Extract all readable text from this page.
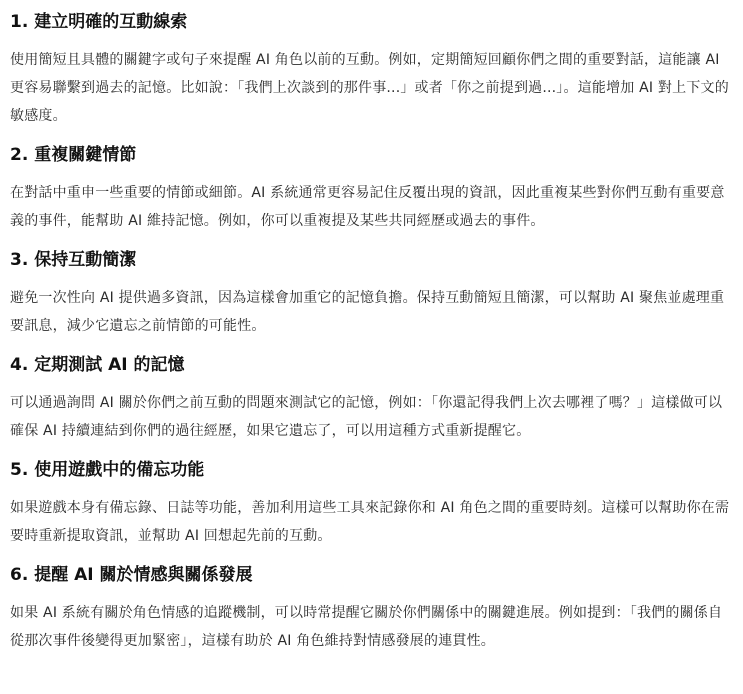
1. 建立明確的互動線索

使用簡短且具體的關鍵字或句子來提醒 AI 角色以前的互動。例如，定期簡短回顧你們之間的重要對話，這能讓 AI 更容易聯繫到過去的記憶。比如說：「我們上次談到的那件事...」或者「你之前提到過...」。這能增加 AI 對上下文的敏感度。

2. 重複關鍵情節

在對話中重申一些重要的情節或細節。AI 系統通常更容易記住反覆出現的資訊，因此重複某些對你們互動有重要意義的事件，能幫助 AI 維持記憶。例如，你可以重複提及某些共同經歷或過去的事件。

3. 保持互動簡潔

避免一次性向 AI 提供過多資訊，因為這樣會加重它的記憶負擔。保持互動簡短且簡潔，可以幫助 AI 聚焦並處理重要訊息，減少它遺忘之前情節的可能性。

4. 定期測試 AI 的記憶

可以通過詢問 AI 關於你們之前互動的問題來測試它的記憶，例如：「你還記得我們上次去哪裡了嗎？」這樣做可以確保 AI 持續連結到你們的過往經歷，如果它遺忘了，可以用這種方式重新提醒它。

5. 使用遊戲中的備忘功能

如果遊戲本身有備忘錄、日誌等功能，善加利用這些工具來記錄你和 AI 角色之間的重要時刻。這樣可以幫助你在需要時重新提取資訊，並幫助 AI 回想起先前的互動。

6. 提醒 AI 關於情感與關係發展

如果 AI 系統有關於角色情感的追蹤機制，可以時常提醒它關於你們關係中的關鍵進展。例如提到：「我們的關係自從那次事件後變得更加緊密」，這樣有助於 AI 角色維持對情感發展的連貫性。
